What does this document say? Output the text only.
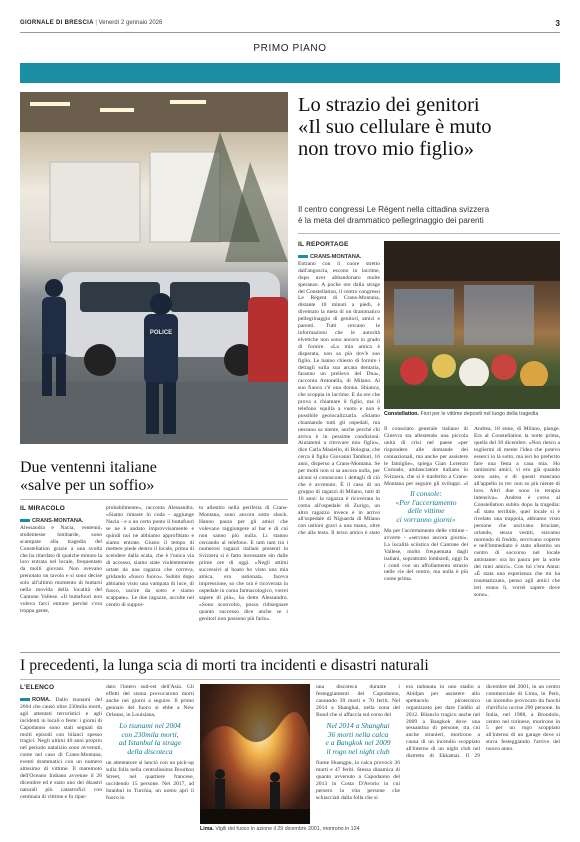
GIORNALE DI BRESCIA | Venerdì 2 gennaio 2026	3
PRIMO PIANO
POLICE
Lo strazio dei genitori
«Il suo cellulare è muto
non trovo mio figlio»
Il centro congressi Le Régent nella cittadina svizzera
è la meta del drammatico pellegrinaggio dei parenti
IL REPORTAGE

CRANS-MONTANA. Entrano con il cuore stretto dall'angoscia, escono in lacrime, dopo aver abbandonato molte speranze. A poche ore dalla strage del Constellation, il centro congressi Le Régent di Crans-Montana, distante 10 minuti a piedi, è diventato la meta di un drammatico pellegrinaggio di genitori, amici e parenti. Tutti cercano le informazioni che le autorità elvetiche non sono ancora in grado di fornire. «La mia amica è disperata, non sa più dov'è suo figlio. Le hanno chiesto di fornire i dettagli sulla sua arcata dentaria, faranno un prelievo del Dna», racconta Antonella, di Milano. Al suo fianco c'è una donna. Sbianca, che scoppia in lacrime. E da ore che prova a chiamare il figlio, ma il telefono squilla a vuoto e non è possibile geolocalizzarla. «Stiamo chiamando tutti gli ospedali, ma nessuno sa niente, anche perché chi arriva è in pessime condizioni. Aiutatemi a ritrovare mio figlio», dice Carla Masiello, di Bologna, che cerca il figlio Giovanni Tamburi, 16 anni, disperso a Crans-Montana. Se per molti non si sa ancora nulla, per alcuni si conoscono i dettagli di ciò che è avvenuto. È il caso di un gruppo di ragazzi di Milano, tutti di 16 anni: la ragazza è ricoverata in coma all'ospedale di Zurigo, un altro ragazzo invece è in arrivo all'ospedale di Niguarda di Milano con ustioni gravi a una mano, oltre che alla testa. Il terzo amico è stato

Constellation. Fiori per le vittime depositi nel luogo della tragedia

Il consolato generale italiano di Ginevra sta allestendo una piccola unità di crisi nel paese «per rispondere alle domande dei connazionali, ma anche per assistere le famiglie», spiega Gian Lorenzo Cornado, ambasciatore italiano in Svizzera, che si è trasferito a Crans-Montana per seguire gli sviluppi. «I

Il console:
«Per l'accertamento
delle vittime
ci vorranno giorni»

Ma per l'accertamento delle vittime - avverte - «servono ancora giorni». La località sciistica del Cantone del Vallese, molto frequentata dagli italiani, soprattutto lombardi, oggi fa i conti con un affollamento strazio nelle vie del centro, ma nulla è più come prima.

Andrea, 18 enne, di Milano, piange. Era al Constellation la notte prima, quella del 30 dicembre. «Non riesco a togliermi di mente l'idea che potevo esserci io là sotto, ma ieri ho preferito fare una festa a casa mia. Ho tantissimi amici, vi ero già quando sono nato, e di questi mancano all'appello in tre: non so più niente di loro. Altri due sono in terapia intensiva». Andrea è corso al Constellation subito dopo la tragedia: «È stato terribile, quel locale si è rivelato una trappola, abbiamo visto persone che uscivano bruciate, urlando, senza vestiti, stavamo morendo di freddo, servivano coperte e nell'immediato è stato allestito un centro di soccorso nel locale antistante: ora ho paura per la sorte dei miei amici». Con lui c'era Anna: «È stata una esperienza che mi ha traumatizzato, penso agli amici che ieri erano lì, vorrei sapere dove sono».

Due ventenni italiane
«salve per un soffio»
IL MIRACOLO

CRANS-MONTANA. Alessandra e Nacia, ventenni, studentesse lombarde, sono scampate alla tragedia del Constellation grazie a una svolta che ha ritardato di qualche minuto la loro entrata nel locale, frequentato da molti giovani. Non avevano prenotato un tavolo e si sono decise solo all'ultimo momento di buttarsi nella movida della località del Cantone Vallese. «Il buttafuori non voleva farci entrare perché c'era troppa gente,

probabilmente», racconta Alessandra. «Siamo rimaste in coda - aggiunge Nacia - e a un certo punto il buttafuori se ne è andato improvvisamente e quindi noi ne abbiamo approfittato e siamo entrate. Giusto il tempo di mettere piede dentro il locale, prima di scendere dalla scala, che è l'unica via di accesso, siamo state violentemente urtate da una ragazza che correva, gridando «fuoco fuoco». Subito dopo abbiamo visto una vampata di luce, di fuoco, uscire da sotto e siamo scappate». Le due ragazze, accolte nel centro di suppor-

to allestito nella periferia di Crans-Montana, sono ancora sotto shock. Hanno paura per gli amici che volevano raggiungere al bar e di cui non sanno più nulla. Li stanno cercando al telefono. E tam tam tra i numerosi ragazzi italiani presenti in Svizzera si è fatto incessante sin dalle prime ore di oggi. «Negli attimi successivi al boato ho visto una mia amica, era ustionata, faceva impressione, so che ora è ricoverata in ospedale in coma farmacologico, vorrei sapere di più», ha detto Alessandro. «Sono sconvolto, posso ridisegnare quanto successo dice anche se i genitori non possono più farlo».

I precedenti, la lunga scia di morti tra incidenti e disastri naturali
L'ELENCO

ROMA. Dallo tsunami del 2004 che causò oltre 230mila morti, agli attentati terroristici e agli incidenti in locali o feste: i giorni di Capodanno sono stati segnati da molti episodi con bilanci spesso tragici. Negli ultimi 40 anni proprio nel periodo natalizio sono avvenuti, come nel caso di Crans-Montana, eventi drammatici con un numero altissimo di vittime. Il maremoto dell'Oceano Indiano avvenne il 26 dicembre ed è stato uno dei disastri naturali più catastrofici con centinaia di vittime e fu ripar-

dato l'intero sud-est dell'Asia. Gli effetti del sisma provocarono morti anche nei giorni a seguire. Il primo gennaio del fuoco si ebbe a New Orleans, in Louisiana,

Lo tsunami nel 2004
con 230mila morti,
ad Istanbul la strage
della discoteca

un attentatore si lanciò con un pick-up sulla folla nella centralissima Bourbon Street, nel quartiere francese, uccidendo 15 persone. Nel 2017, ad Istanbul in Turchia, un uomo aprì il fuoco in

Lima. Vigili del fuoco in azione il 29 dicembre 2001, morirono in 124

una discoteca durante i festeggiamenti del Capodanno, causando 39 morti e 70 feriti. Nel 2014 a Shanghai, nella zona del Bund che si affaccia sul corso del

Nel 2014 a Shanghai
36 morti nella calca
e a Bangkok nel 2009
il rogo nel night club

fiume Huangpu, la calca provocò 36 morti e 47 feriti. Stessa dinamica di quanto avvenuto a Capodanno del 2013 in Costa D'Avorio in cui persero la vita persone che schiacciati dalla folla che si

era radunata in uno stadio a Abidjan per assistere allo spettacolo pirotecnico organizzato per dare l'addio al 2012. Bilancio tragico anche nel 2009 a Bangkok dove una sessantina di persone, tra cui anche stranieri, morirono a causa di un incendio scoppiato all'interno di un night club nel distretto di Ekkamai. Il 29 dicembre del 2001, in un centro commerciale di Lima, in Perù, un incendio provocato da fuochi d'artificio uccise 290 persone. In Italia, nel 1988, a Brondolo, centro nel torinese, morirono in 5 per un rogo scoppiato all'interno di un garage dove si stava festeggiando l'arrivo del nuovo anno.
